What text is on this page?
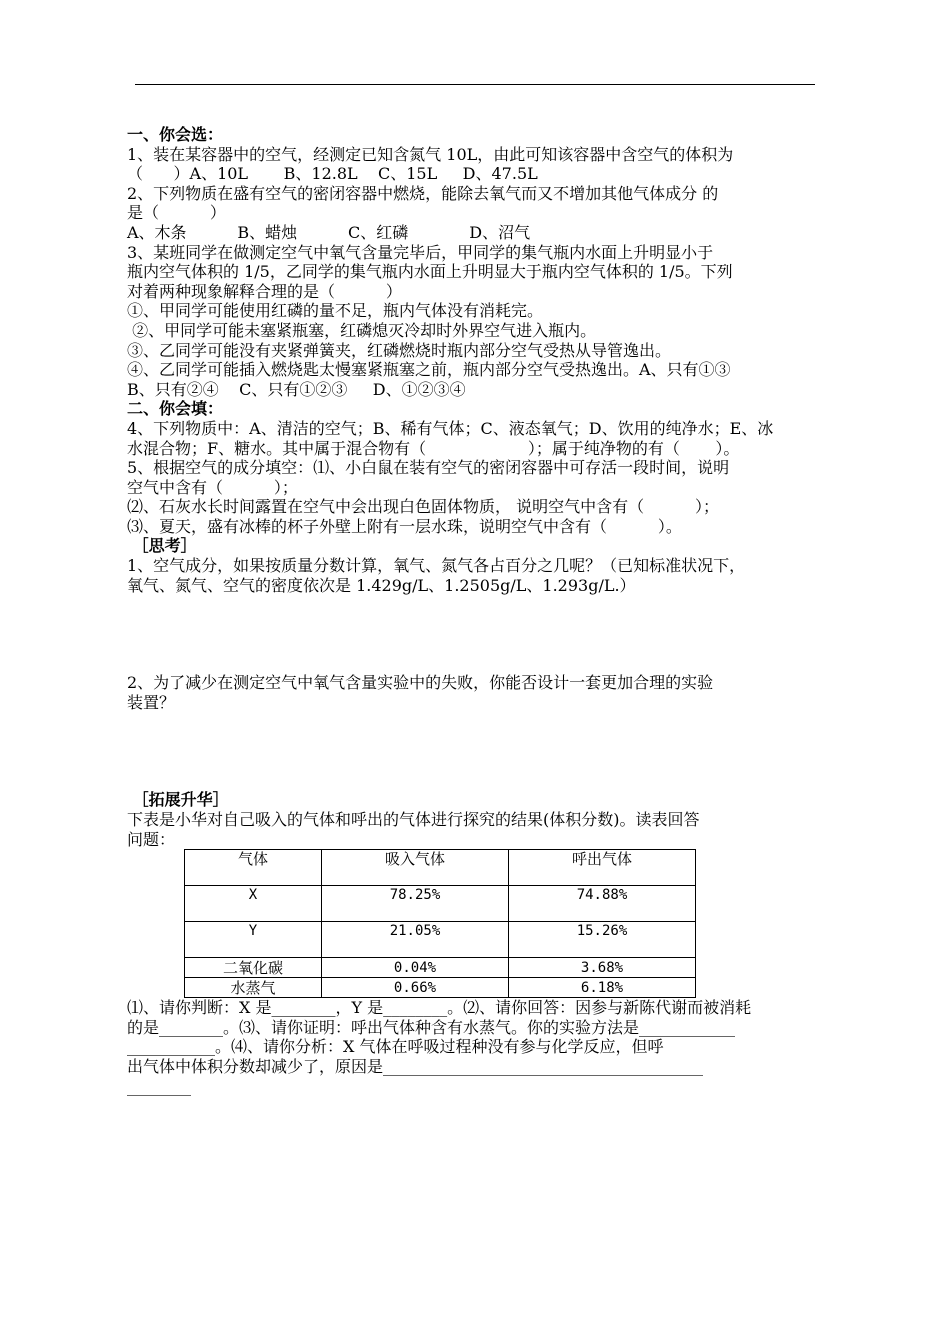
一、你会选：
1、装在某容器中的空气，经测定已知含氮气 10L，由此可知该容器中含空气的体积为
（      ）A、10L       B、12.8L    C、15L     D、47.5L
2、下列物质在盛有空气的密闭容器中燃烧，能除去氧气而又不增加其他气体成分 的
是（          ）
A、木条          B、蜡烛          C、红磷            D、沼气
3、某班同学在做测定空气中氧气含量完毕后，甲同学的集气瓶内水面上升明显小于
瓶内空气体积的 1/5，乙同学的集气瓶内水面上升明显大于瓶内空气体积的 1/5。下列
对着两种现象解释合理的是（          ）
①、甲同学可能使用红磷的量不足，瓶内气体没有消耗完。
②、甲同学可能未塞紧瓶塞，红磷熄灭冷却时外界空气进入瓶内。
③、乙同学可能没有夹紧弹簧夹，红磷燃烧时瓶内部分空气受热从导管逸出。
④、乙同学可能插入燃烧匙太慢塞紧瓶塞之前，瓶内部分空气受热逸出。A、只有①③
B、只有②④    C、只有①②③     D、①②③④
二、你会填：
4、下列物质中：A、清洁的空气；B、稀有气体；C、液态氧气；D、饮用的纯净水；E、冰
水混合物；F、糖水。其中属于混合物有（                    ）；属于纯净物的有（       ）。
5、根据空气的成分填空：⑴、小白鼠在装有空气的密闭容器中可存活一段时间，说明
空气中含有（          ）；
⑵、石灰水长时间露置在空气中会出现白色固体物质， 说明空气中含有（          ）；
⑶、夏天，盛有冰棒的杯子外壁上附有一层水珠，说明空气中含有（          ）。
［思考］
1、空气成分，如果按质量分数计算，氧气、氮气各占百分之几呢？（已知标准状况下，
氧气、氮气、空气的密度依次是 1.429g/L、1.2505g/L、1.293g/L.）
2、为了减少在测定空气中氧气含量实验中的失败，你能否设计一套更加合理的实验
装置？
［拓展升华］
下表是小华对自己吸入的气体和呼出的气体进行探究的结果(体积分数)。读表回答
问题：
气体	吸入气体	呼出气体
X	78.25%	74.88%
Y	21.05%	15.26%
二氧化碳	0.04%	3.68%
水蒸气	0.66%	6.18%
⑴、请你判断：X 是________，Y 是________。⑵、请你回答：因参与新陈代谢而被消耗
的是________。⑶、请你证明：呼出气体种含有水蒸气。你的实验方法是____________
___________。⑷、请你分析：X 气体在呼吸过程种没有参与化学反应，但呼
出气体中体积分数却减少了，原因是________________________________________
________
